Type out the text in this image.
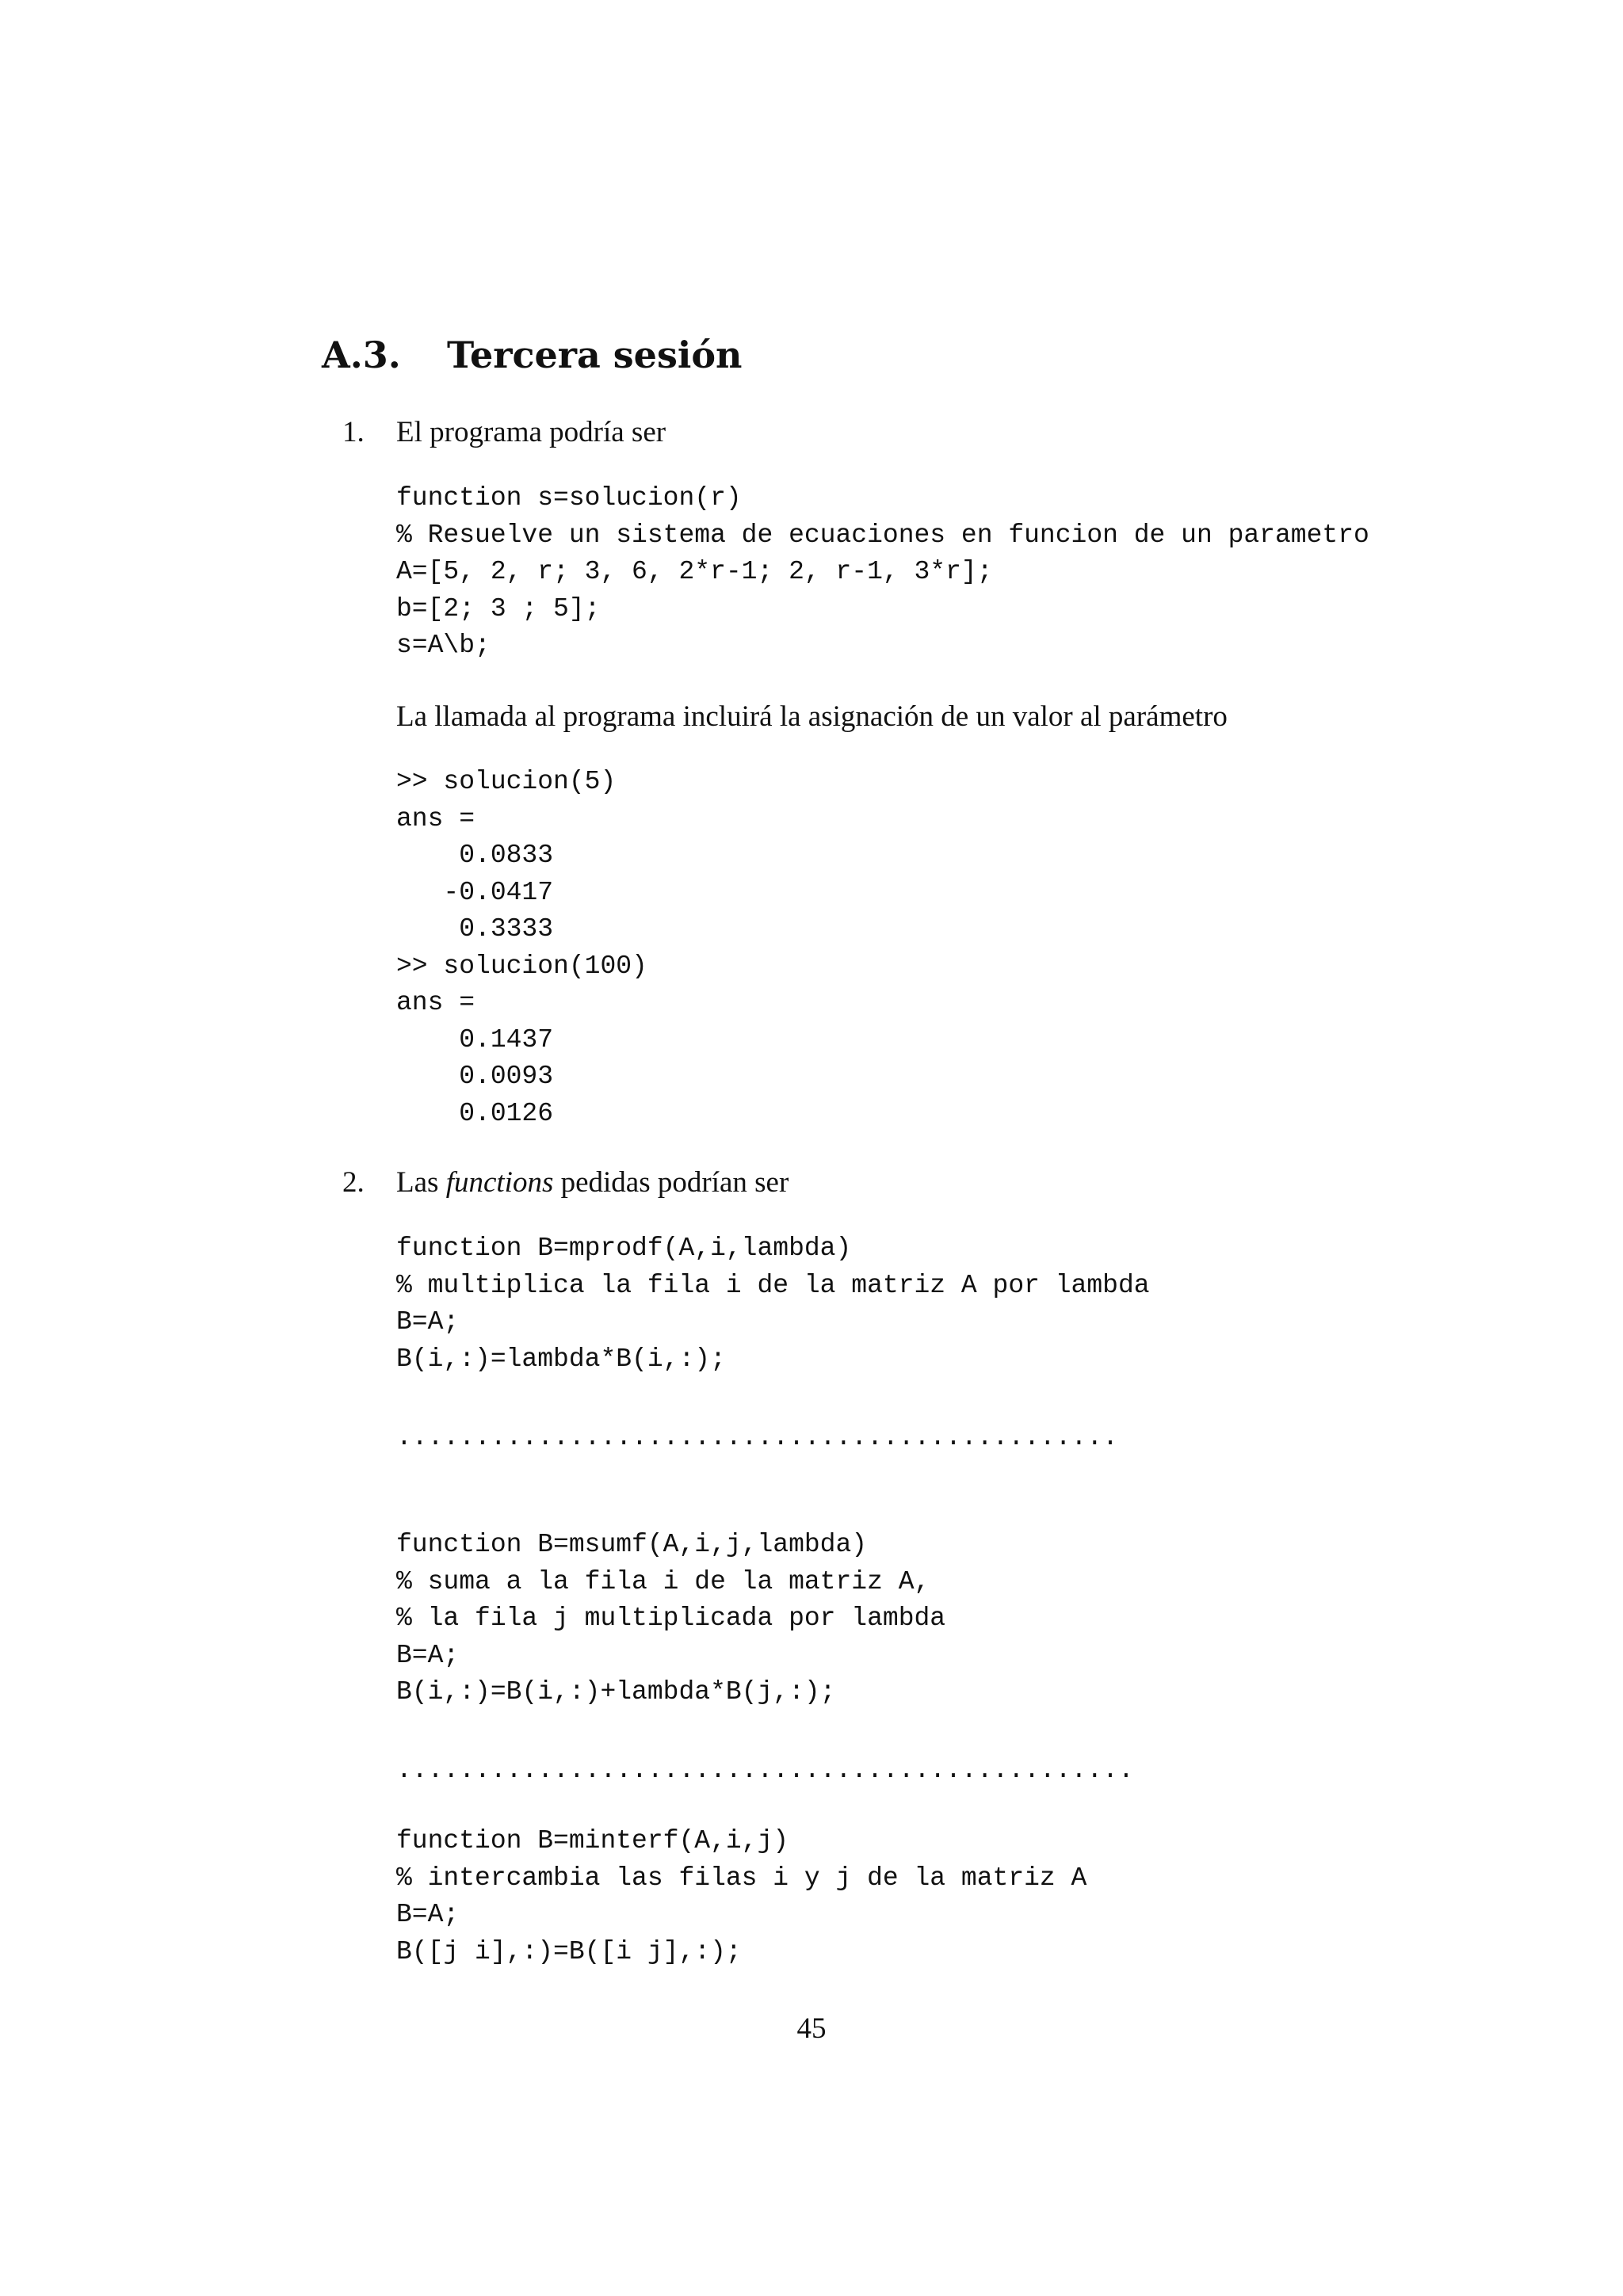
A.3. Tercera sesión
1. El programa podría ser
function s=solucion(r)
% Resuelve un sistema de ecuaciones en funcion de un parametro
A=[5, 2, r; 3, 6, 2*r-1; 2, r-1, 3*r];
b=[2; 3 ; 5];
s=A\b;
La llamada al programa incluirá la asignación de un valor al parámetro
>> solucion(5)
ans =
0.0833
-0.0417
0.3333
>> solucion(100)
ans =
0.1437
0.0093
0.0126
2. Las functions pedidas podrían ser
function B=mprodf(A,i,lambda)
% multiplica la fila i de la matriz A por lambda
B=A;
B(i,:)=lambda*B(i,:);
..............................................
function B=msumf(A,i,j,lambda)
% suma a la fila i de la matriz A,
% la fila j multiplicada por lambda
B=A;
B(i,:)=B(i,:)+lambda*B(j,:);
...............................................
function B=minterf(A,i,j)
% intercambia las filas i y j de la matriz A
B=A;
B([j i],:)=B([i j],:);
45
